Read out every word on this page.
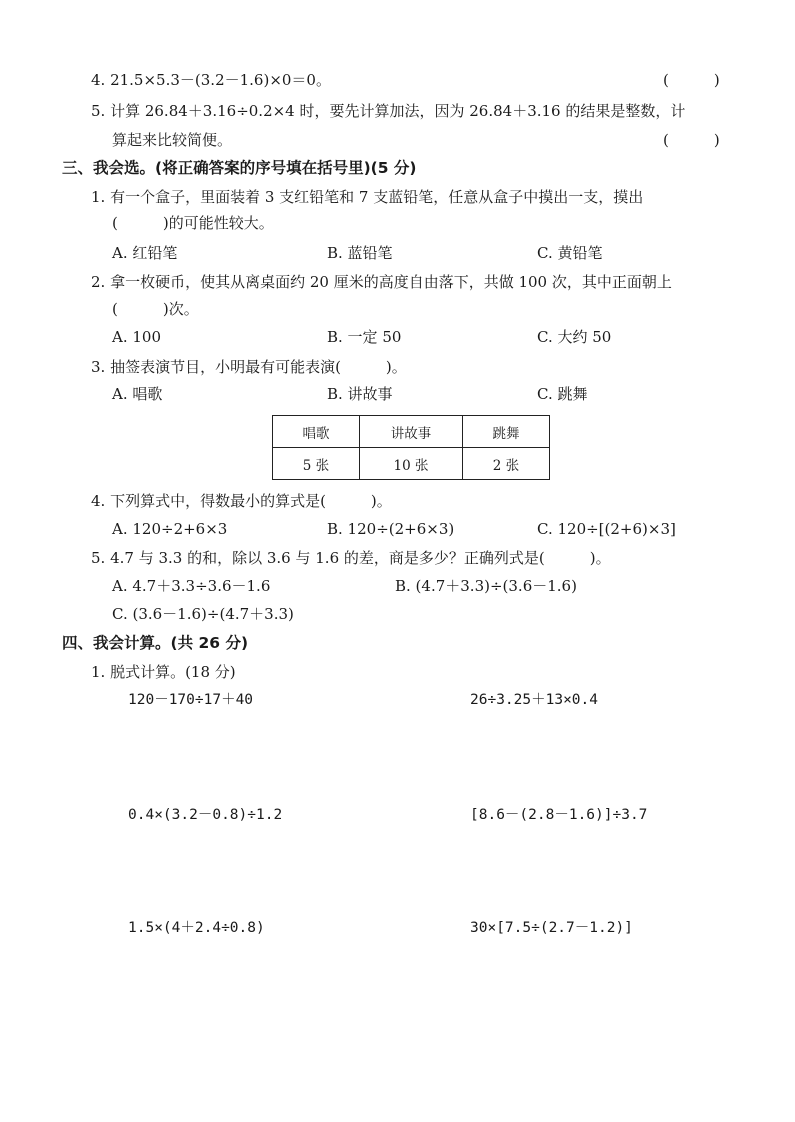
4. 21.5×5.3－(3.2－1.6)×0＝0。	(　　　)
5. 计算 26.84＋3.16÷0.2×4 时，要先计算加法，因为 26.84＋3.16 的结果是整数，计
算起来比较简便。	(　　　)
三、我会选。(将正确答案的序号填在括号里)(5 分)
1. 有一个盒子，里面装着 3 支红铅笔和 7 支蓝铅笔，任意从盒子中摸出一支，摸出
(　　　)的可能性较大。
A. 红铅笔	B. 蓝铅笔	C. 黄铅笔
2. 拿一枚硬币，使其从离桌面约 20 厘米的高度自由落下，共做 100 次，其中正面朝上
(　　　)次。
A. 100	B. 一定 50	C. 大约 50
3. 抽签表演节目，小明最有可能表演(　　　)。
A. 唱歌	B. 讲故事	C. 跳舞
唱歌	讲故事	跳舞
5 张	10 张	2 张
4. 下列算式中，得数最小的算式是(　　　)。
A. 120÷2+6×3	B. 120÷(2+6×3)	C. 120÷[(2+6)×3]
5. 4.7 与 3.3 的和，除以 3.6 与 1.6 的差，商是多少？正确列式是(　　　)。
A. 4.7＋3.3÷3.6－1.6	B. (4.7＋3.3)÷(3.6－1.6)
C. (3.6－1.6)÷(4.7＋3.3)
四、我会计算。(共 26 分)
1. 脱式计算。(18 分)
120－170÷17＋40	26÷3.25＋13×0.4
0.4×(3.2－0.8)÷1.2	[8.6－(2.8－1.6)]÷3.7
1.5×(4＋2.4÷0.8)	30×[7.5÷(2.7－1.2)]
